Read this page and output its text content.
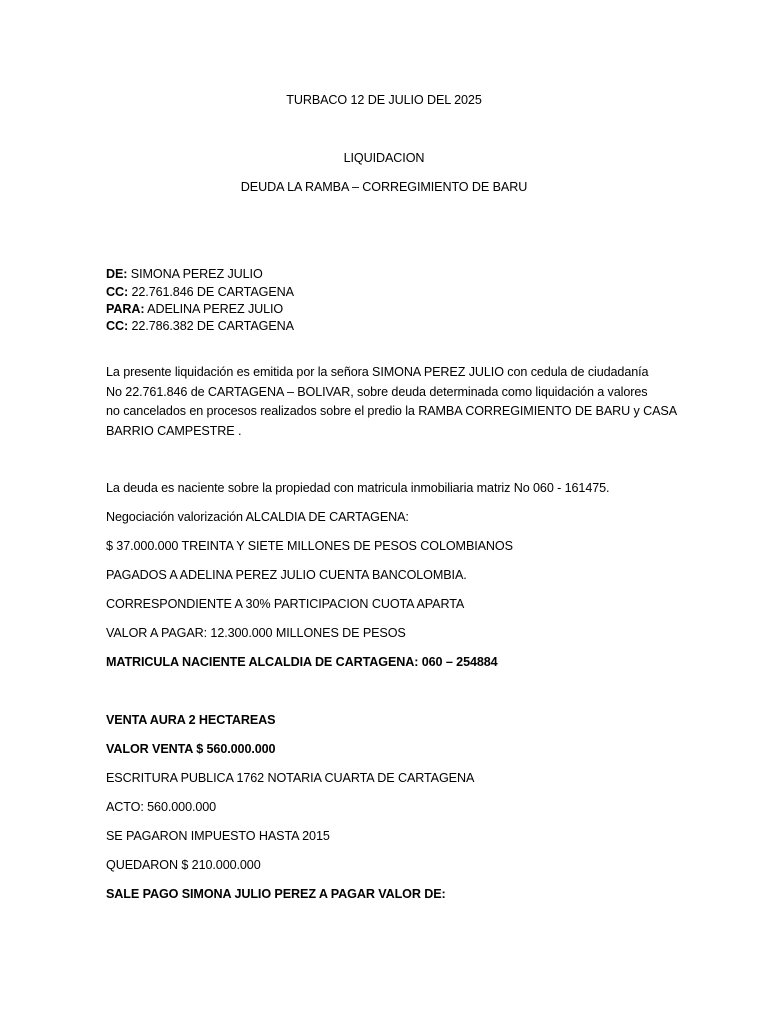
TURBACO 12 DE JULIO DEL 2025
LIQUIDACION
DEUDA LA RAMBA – CORREGIMIENTO DE BARU
DE: SIMONA PEREZ JULIO
CC: 22.761.846 DE CARTAGENA
PARA: ADELINA PEREZ JULIO
CC: 22.786.382 DE CARTAGENA
La presente liquidación es emitida por la señora SIMONA PEREZ JULIO con cedula de ciudadanía
No 22.761.846 de CARTAGENA – BOLIVAR, sobre deuda determinada como liquidación a valores
no cancelados en procesos realizados sobre el predio la RAMBA CORREGIMIENTO DE BARU y CASA
BARRIO CAMPESTRE .
La deuda es naciente sobre la propiedad con matricula inmobiliaria matriz No 060 - 161475.
Negociación valorización ALCALDIA DE CARTAGENA:
$ 37.000.000 TREINTA Y SIETE MILLONES DE PESOS COLOMBIANOS
PAGADOS A ADELINA PEREZ JULIO CUENTA BANCOLOMBIA.
CORRESPONDIENTE A 30% PARTICIPACION CUOTA APARTA
VALOR A PAGAR: 12.300.000 MILLONES DE PESOS
MATRICULA NACIENTE ALCALDIA DE CARTAGENA: 060 – 254884
VENTA AURA 2 HECTAREAS
VALOR VENTA $ 560.000.000
ESCRITURA PUBLICA 1762 NOTARIA CUARTA DE CARTAGENA
ACTO: 560.000.000
SE PAGARON IMPUESTO HASTA 2015
QUEDARON $ 210.000.000
SALE PAGO SIMONA JULIO PEREZ A PAGAR VALOR DE:
